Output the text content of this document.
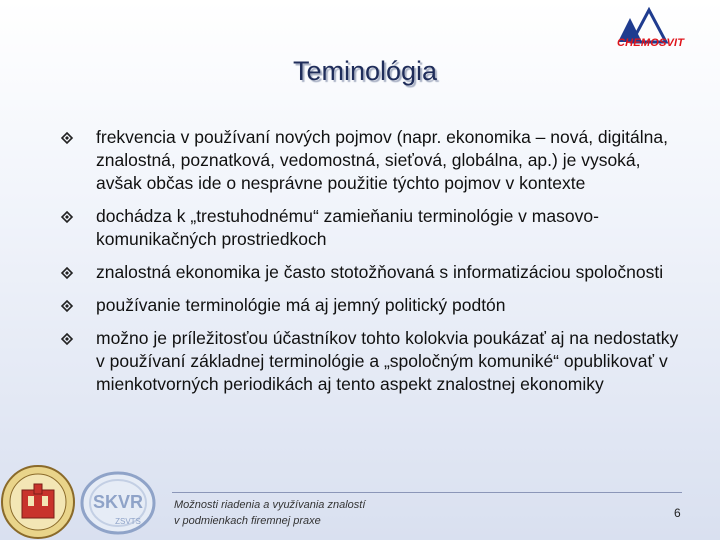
CHEMOSVIT
Teminológia
frekvencia v používaní nových pojmov (napr. ekonomika – nová, digitálna, znalostná, poznatková, vedomostná, sieťová, globálna, ap.) je vysoká, avšak občas ide o nesprávne použitie týchto pojmov v kontexte
dochádza k „trestuhodnému“ zamieňaniu terminológie v masovo-komunikačných prostriedkoch
znalostná ekonomika je často stotožňovaná s informatizáciou spoločnosti
používanie terminológie má aj jemný politický podtón
možno je príležitosťou účastníkov tohto kolokvia poukázať aj na nedostatky v používaní základnej terminológie a „spoločným komuniké“ opublikovať v mienkotvorných periodikách aj tento aspekt znalostnej ekonomiky
SKVR
ZSVTS
Možnosti riadenia a využívania znalostí
v podmienkach firemnej praxe
6
